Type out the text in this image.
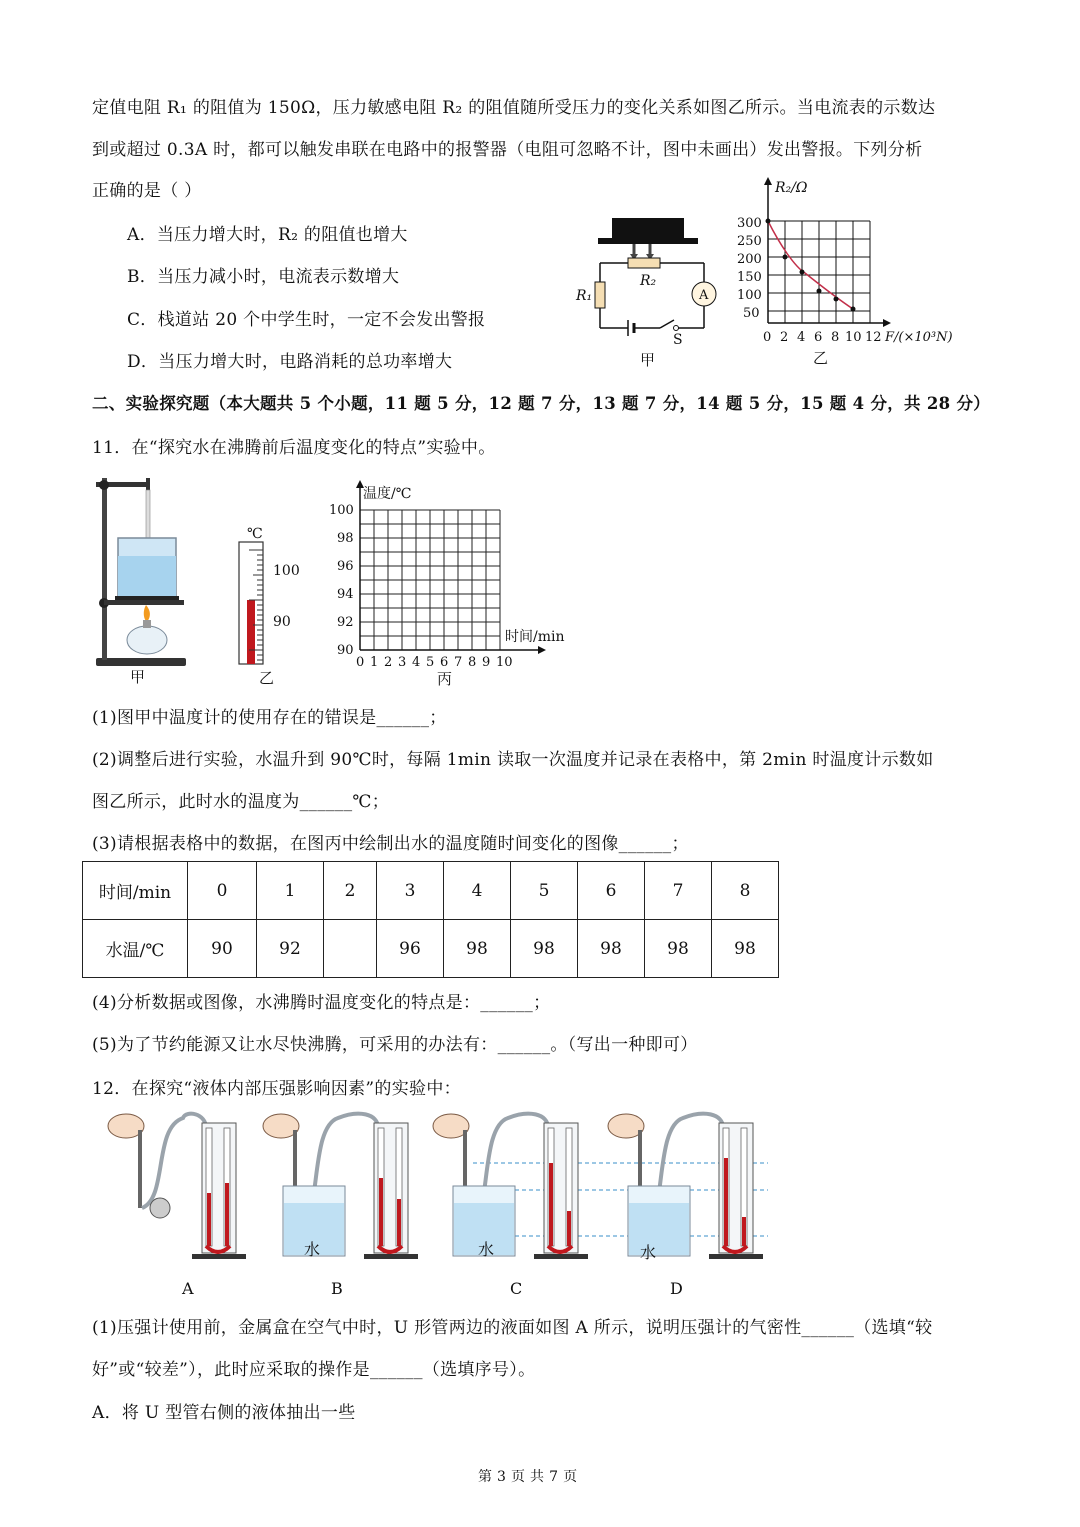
定值电阻 R₁ 的阻值为 150Ω，压力敏感电阻 R₂ 的阻值随所受压力的变化关系如图乙所示。当电流表的示数达
到或超过 0.3A 时，都可以触发串联在电路中的报警器（电阻可忽略不计，图中未画出）发出警报。下列分析
正确的是（ ）
A．当压力增大时，R₂ 的阻值也增大
B．当压力减小时，电流表示数增大
C．栈道站 20 个中学生时，一定不会发出警报
D．当压力增大时，电路消耗的总功率增大
R₁
R₂
A
S
甲
R₂/Ω
300
250
200
150
100
50
0 2 4 6 8 10 12 F/(×10³N)
乙
二、实验探究题（本大题共 5 个小题，11 题 5 分，12 题 7 分，13 题 7 分，14 题 5 分，15 题 4 分，共 28 分）
11．在“探究水在沸腾前后温度变化的特点”实验中。
甲
℃
100
90
乙
温度/℃
时间/min
100
98
96
94
92
90
0 1 2 3 4 5 6 7 8 9 10
丙
(1)图甲中温度计的使用存在的错误是______；
(2)调整后进行实验，水温升到 90℃时，每隔 1min 读取一次温度并记录在表格中，第 2min 时温度计示数如
图乙所示，此时水的温度为______℃；
(3)请根据表格中的数据，在图丙中绘制出水的温度随时间变化的图像______；
时间/min	0	1	2	3	4	5	6	7	8
水温/℃	90	92		96	98	98	98	98	98
(4)分析数据或图像，水沸腾时温度变化的特点是：______；
(5)为了节约能源又让水尽快沸腾，可采用的办法有：______。（写出一种即可）
12．在探究“液体内部压强影响因素”的实验中：
A	B	C	D
水	水	水
(1)压强计使用前，金属盒在空气中时，U 形管两边的液面如图 A 所示，说明压强计的气密性______（选填“较
好”或“较差”），此时应采取的操作是______（选填序号）。
A．将 U 型管右侧的液体抽出一些
第 3 页 共 7 页
